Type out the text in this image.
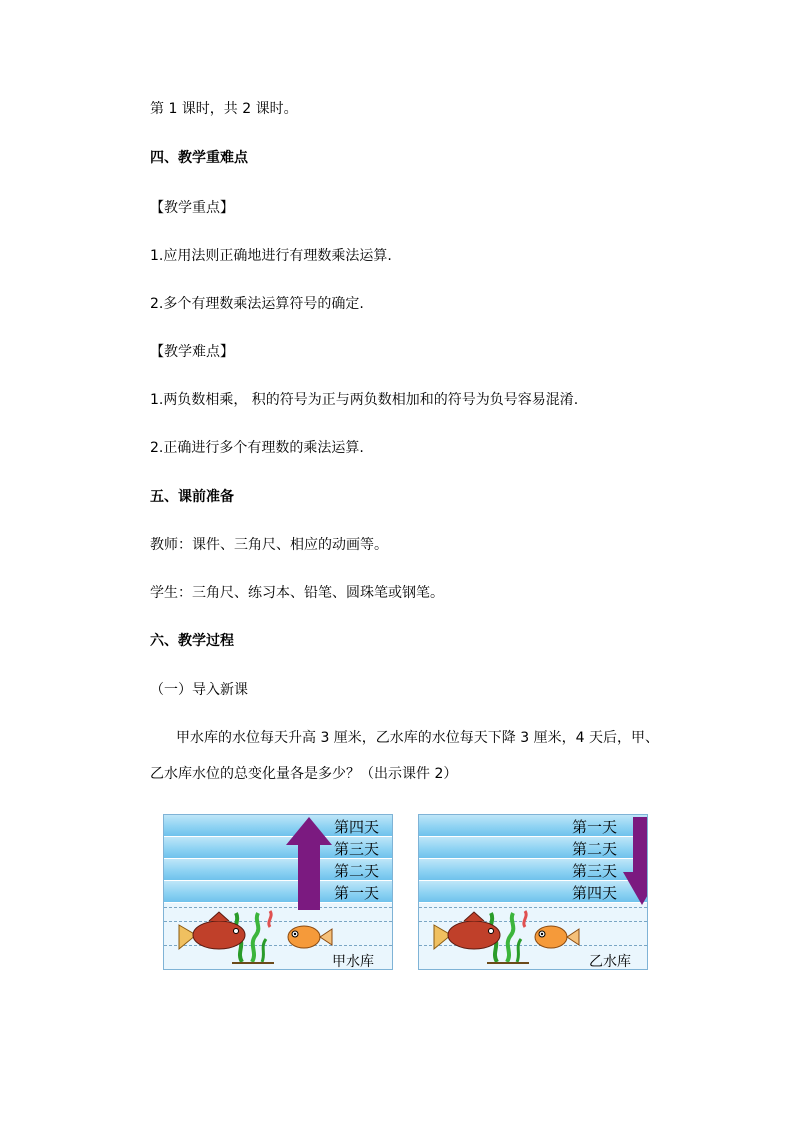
第 1 课时，共 2 课时。
四、教学重难点
【教学重点】
1.应用法则正确地进行有理数乘法运算.
2.多个有理数乘法运算符号的确定.
【教学难点】
1.两负数相乘， 积的符号为正与两负数相加和的符号为负号容易混淆.
2.正确进行多个有理数的乘法运算.
五、课前准备
教师：课件、三角尺、相应的动画等。
学生：三角尺、练习本、铅笔、圆珠笔或钢笔。
六、教学过程
（一）导入新课
甲水库的水位每天升高 3 厘米，乙水库的水位每天下降 3 厘米，4 天后，甲、
乙水库水位的总变化量各是多少？（出示课件 2）
第四天
第三天
第二天
第一天
甲水库
第一天
第二天
第三天
第四天
乙水库
